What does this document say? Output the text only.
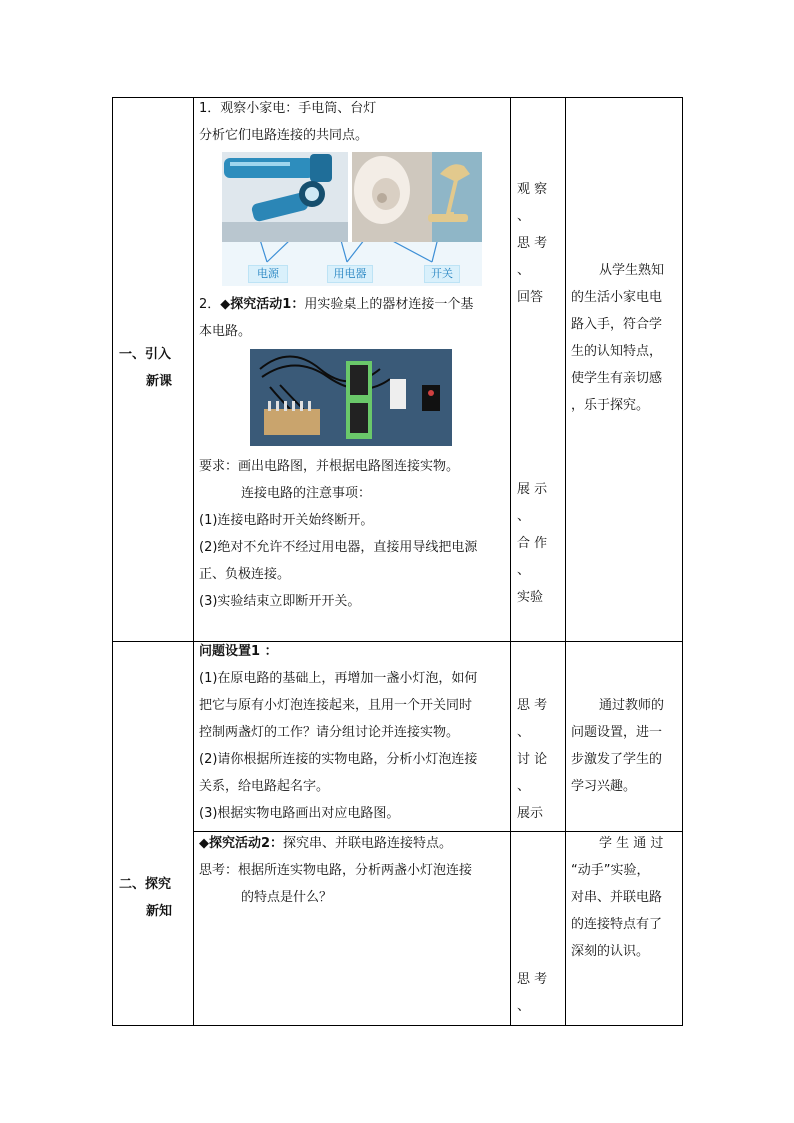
一、引入
新课
1．观察小家电：手电筒、台灯
分析它们电路连接的共同点。
电源	用电器	开关
2．◆探究活动1：用实验桌上的器材连接一个基
本电路。
要求：画出电路图，并根据电路图连接实物。
连接电路的注意事项：
(1)连接电路时开关始终断开。
(2)绝对不允许不经过用电器，直接用导线把电源
正、负极连接。
(3)实验结束立即断开开关。
观 察
、
思 考
、
回答
展 示
、
合 作
、
实验
从学生熟知
的生活小家电电
路入手，符合学
生的认知特点，
使学生有亲切感
，乐于探究。
二、探究
新知
问题设置1 ：
(1)在原电路的基础上，再增加一盏小灯泡，如何
把它与原有小灯泡连接起来，且用一个开关同时
控制两盏灯的工作？请分组讨论并连接实物。
(2)请你根据所连接的实物电路，分析小灯泡连接
关系，给电路起名字。
(3)根据实物电路画出对应电路图。
思 考
、
讨 论
、
展示
通过教师的
问题设置，进一
步激发了学生的
学习兴趣。
◆探究活动2：探究串、并联电路连接特点。
思考：根据所连实物电路，分析两盏小灯泡连接
的特点是什么？
思 考
、
学 生 通 过
“动手”实验，
对串、并联电路
的连接特点有了
深刻的认识。
